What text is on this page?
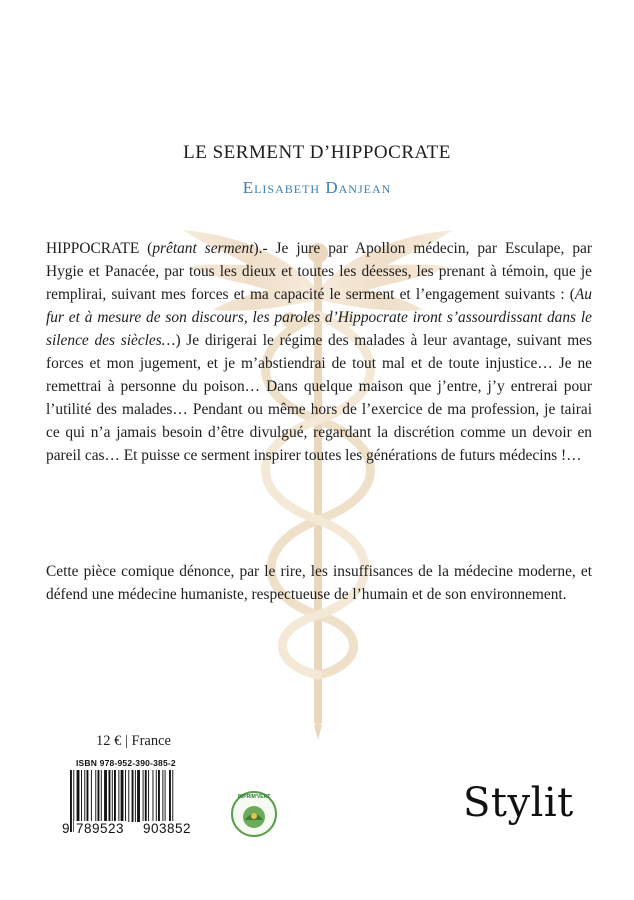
LE SERMENT D’HIPPOCRATE
Elisabeth Danjean
HIPPOCRATE (prêtant serment).- Je jure par Apollon médecin, par Esculape, par Hygie et Panacée, par tous les dieux et toutes les déesses, les prenant à témoin, que je remplirai, suivant mes forces et ma capacité le serment et l’engagement suivants : (Au fur et à mesure de son discours, les paroles d’Hippocrate iront s’assourdissant dans le silence des siècles…) Je dirigerai le régime des malades à leur avantage, suivant mes forces et mon jugement, et je m’abstiendrai de tout mal et de toute injustice… Je ne remettrai à personne du poison… Dans quelque maison que j’entre, j’y entrerai pour l’utilité des malades… Pendant ou même hors de l’exercice de ma profession, je tairai ce qui n’a jamais besoin d’être divulgué, regardant la discrétion comme un devoir en pareil cas… Et puisse ce serment inspirer toutes les générations de futurs médecins !…
Cette pièce comique dénonce, par le rire, les insuffisances de la médecine moderne, et défend une médecine humaniste, respectueuse de l’humain et de son environnement.
12 € | France
ISBN 978-952-390-385-2
9 789523 903852
IMPRIM'VERT	Stylit
